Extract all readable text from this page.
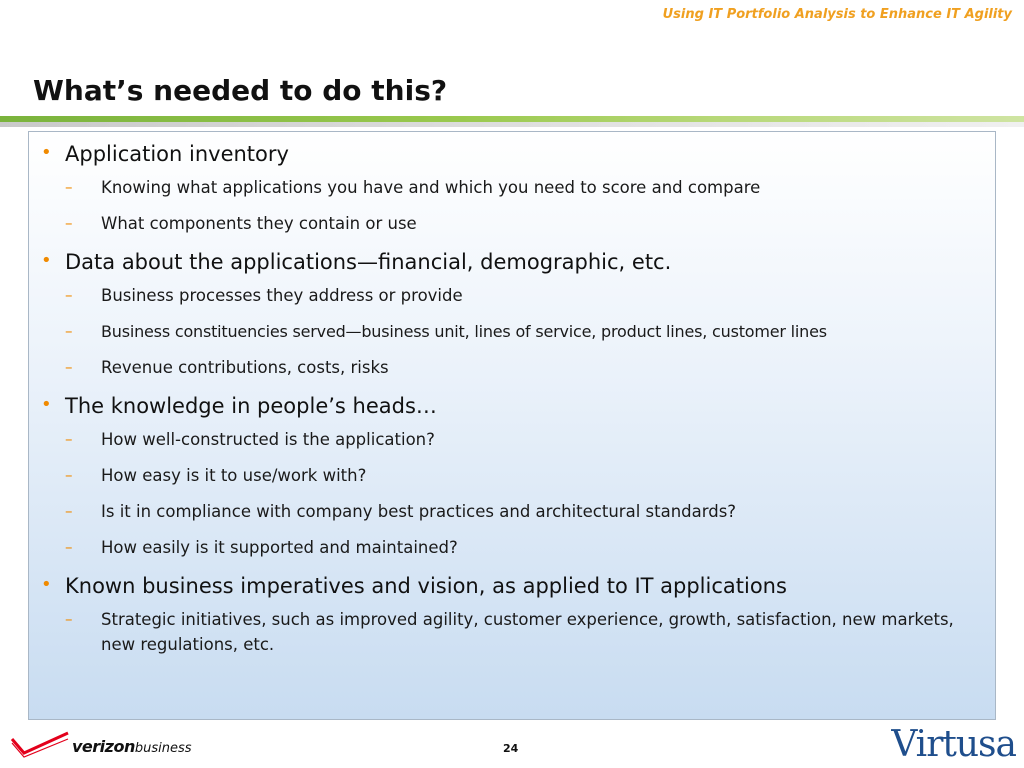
Using IT Portfolio Analysis to Enhance IT Agility
What’s needed to do this?
• Application inventory
–	Knowing what applications you have and which you need to score and compare
–	What components they contain or use
• Data about the applications—financial, demographic, etc.
–	Business processes they address or provide
–	Business constituencies served—business unit, lines of service, product lines, customer lines
–	Revenue contributions, costs, risks
• The knowledge in people’s heads…
–	How well-constructed is the application?
–	How easy is it to use/work with?
–	Is it in compliance with company best practices and architectural standards?
–	How easily is it supported and maintained?
• Known business imperatives and vision, as applied to IT applications
–	Strategic initiatives, such as improved agility, customer experience, growth, satisfaction, new markets, new regulations, etc.
verizonbusiness	24	Virtusa
